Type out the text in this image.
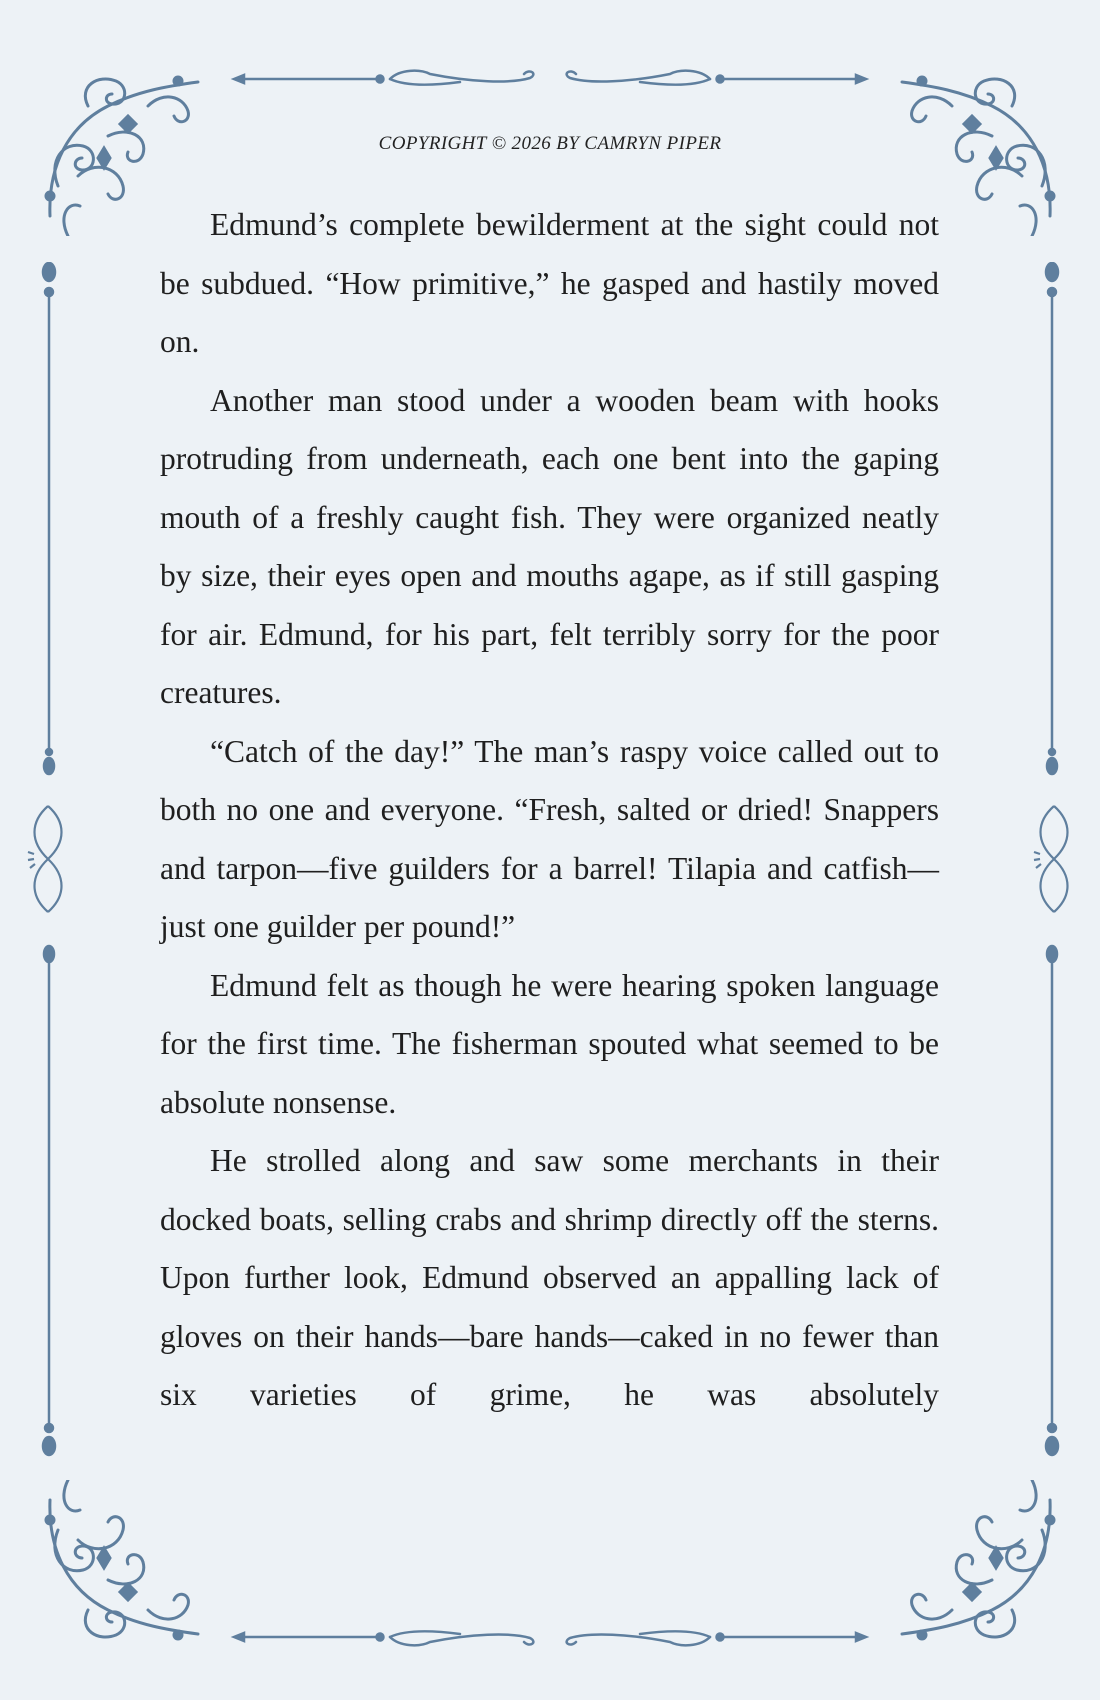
COPYRIGHT © 2026 BY CAMRYN PIPER

Edmund’s complete bewilderment at the sight could not be subdued. “How primitive,” he gasped and hastily moved on.

Another man stood under a wooden beam with hooks protruding from underneath, each one bent into the gaping mouth of a freshly caught fish. They were organized neatly by size, their eyes open and mouths agape, as if still gasping for air. Edmund, for his part, felt terribly sorry for the poor creatures.

“Catch of the day!” The man’s raspy voice called out to both no one and everyone. “Fresh, salted or dried! Snappers and tarpon—five guilders for a barrel! Tilapia and catfish—just one guilder per pound!”

Edmund felt as though he were hearing spoken language for the first time. The fisherman spouted what seemed to be absolute nonsense.

He strolled along and saw some merchants in their docked boats, selling crabs and shrimp directly off the sterns. Upon further look, Edmund observed an appalling lack of gloves on their hands—bare hands—caked in no fewer than six varieties of grime, he was absolutely
